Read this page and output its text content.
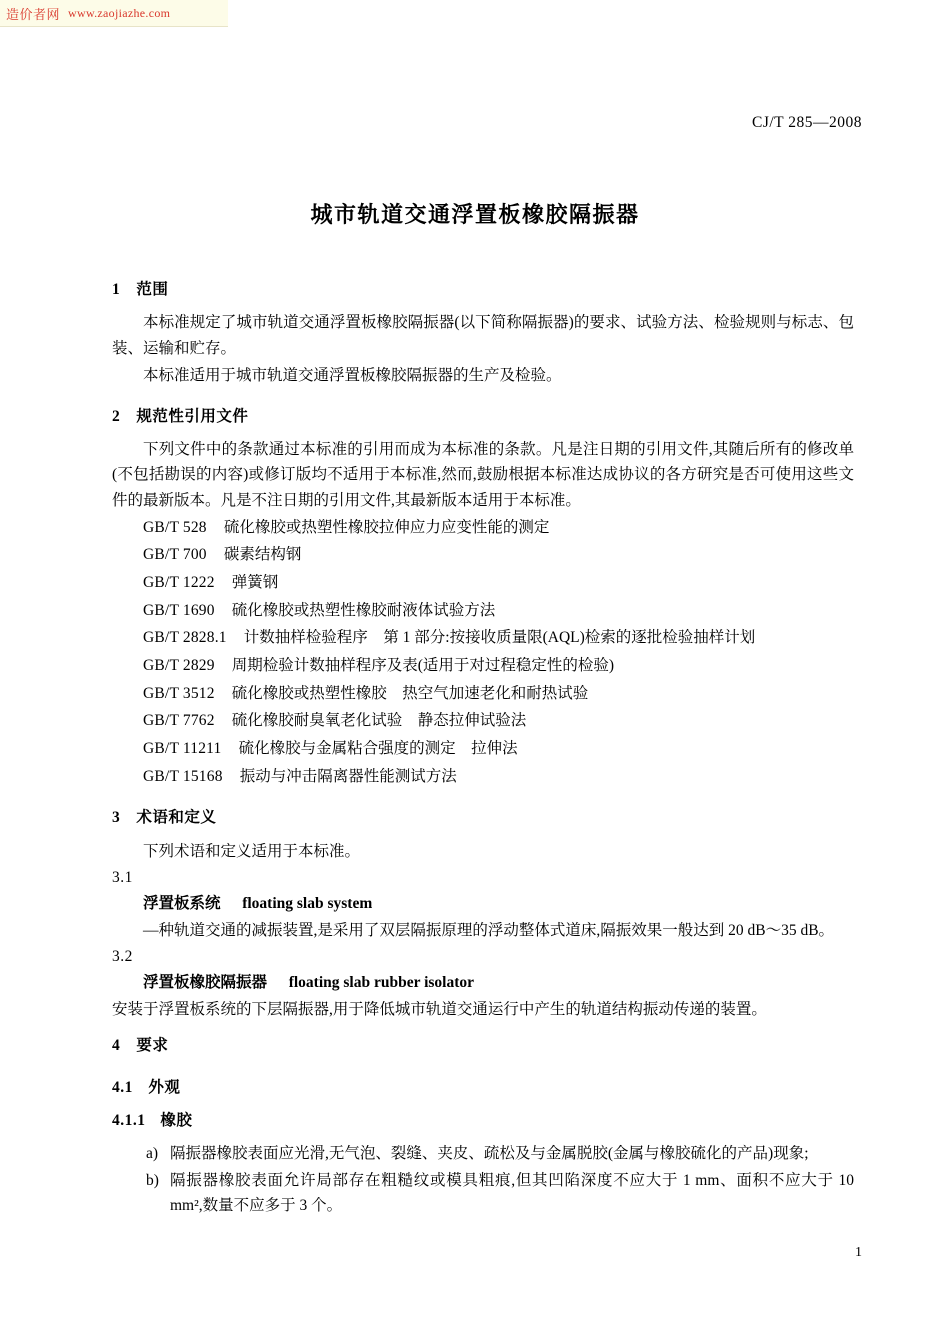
造价者网 www.zaojiazhe.com
CJ/T 285—2008
城市轨道交通浮置板橡胶隔振器
1 范围

本标准规定了城市轨道交通浮置板橡胶隔振器(以下简称隔振器)的要求、试验方法、检验规则与标志、包装、运输和贮存。

本标准适用于城市轨道交通浮置板橡胶隔振器的生产及检验。

2 规范性引用文件

下列文件中的条款通过本标准的引用而成为本标准的条款。凡是注日期的引用文件,其随后所有的修改单(不包括勘误的内容)或修订版均不适用于本标准,然而,鼓励根据本标准达成协议的各方研究是否可使用这些文件的最新版本。凡是不注日期的引用文件,其最新版本适用于本标准。

GB/T 528 硫化橡胶或热塑性橡胶拉伸应力应变性能的测定
GB/T 700 碳素结构钢
GB/T 1222 弹簧钢
GB/T 1690 硫化橡胶或热塑性橡胶耐液体试验方法
GB/T 2828.1 计数抽样检验程序　第 1 部分:按接收质量限(AQL)检索的逐批检验抽样计划
GB/T 2829 周期检验计数抽样程序及表(适用于对过程稳定性的检验)
GB/T 3512 硫化橡胶或热塑性橡胶　热空气加速老化和耐热试验
GB/T 7762 硫化橡胶耐臭氧老化试验　静态拉伸试验法
GB/T 11211 硫化橡胶与金属粘合强度的测定　拉伸法
GB/T 15168 振动与冲击隔离器性能测试方法
3 术语和定义

下列术语和定义适用于本标准。

3.1
浮置板系统 floating slab system

—种轨道交通的减振装置,是采用了双层隔振原理的浮动整体式道床,隔振效果一般达到 20 dB～35 dB。

3.2
浮置板橡胶隔振器 floating slab rubber isolator

安装于浮置板系统的下层隔振器,用于降低城市轨道交通运行中产生的轨道结构振动传递的装置。

4 要求
4.1 外观
4.1.1 橡胶
a) 隔振器橡胶表面应光滑,无气泡、裂缝、夹皮、疏松及与金属脱胶(金属与橡胶硫化的产品)现象;
b) 隔振器橡胶表面允许局部存在粗糙纹或模具粗痕,但其凹陷深度不应大于 1 mm、面积不应大于 10 mm²,数量不应多于 3 个。
1
